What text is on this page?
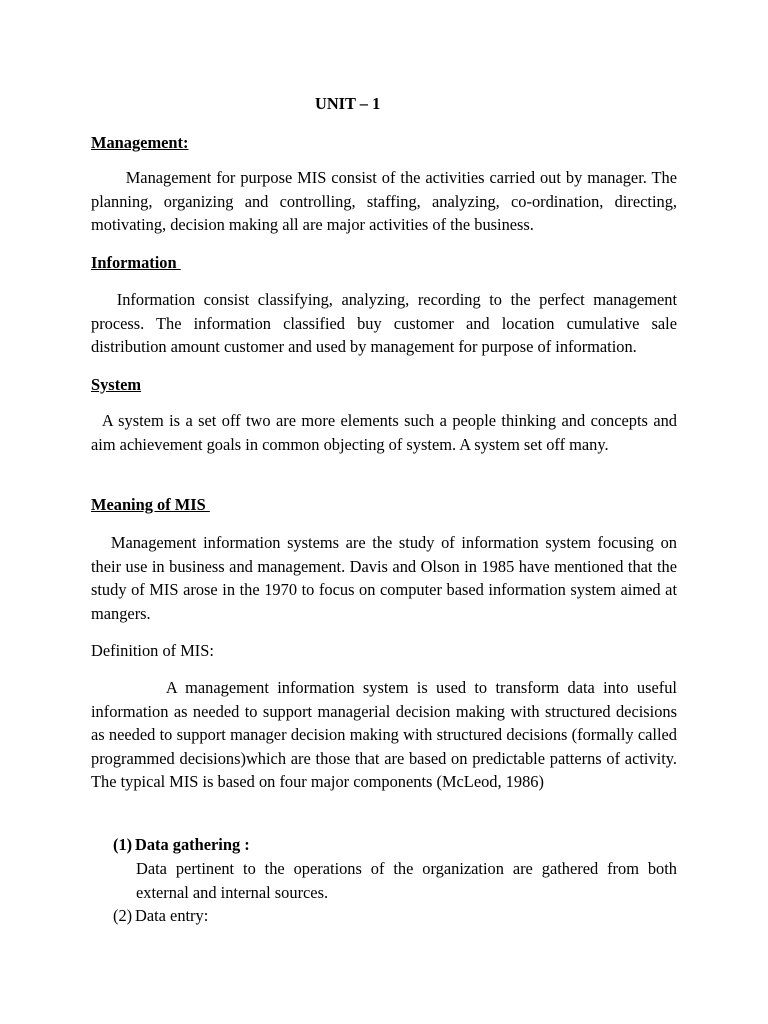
UNIT – 1
Management:
Management for purpose MIS consist of the activities carried out by manager. The planning, organizing and controlling, staffing, analyzing, co-ordination, directing, motivating, decision making all are major activities of the business.
Information
Information consist classifying, analyzing, recording to the perfect management process. The information classified buy customer and location cumulative sale distribution amount customer and used by management for purpose of information.
System
A system is a set off two are more elements such a people thinking and concepts and aim achievement goals in common objecting of system. A system set off many.
Meaning of MIS
Management information systems are the study of information system focusing on their use in business and management. Davis and Olson in 1985 have mentioned that the study of MIS arose in the 1970 to focus on computer based information system aimed at mangers.
Definition of MIS:
A management information system is used to transform data into useful information as needed to support managerial decision making with structured decisions as needed to support manager decision making with structured decisions (formally called programmed decisions)which are those that are based on predictable patterns of activity. The typical MIS is based on four major components (McLeod, 1986)
(1) Data gathering :
Data pertinent to the operations of the organization are gathered from both external and internal sources.
(2) Data entry:
